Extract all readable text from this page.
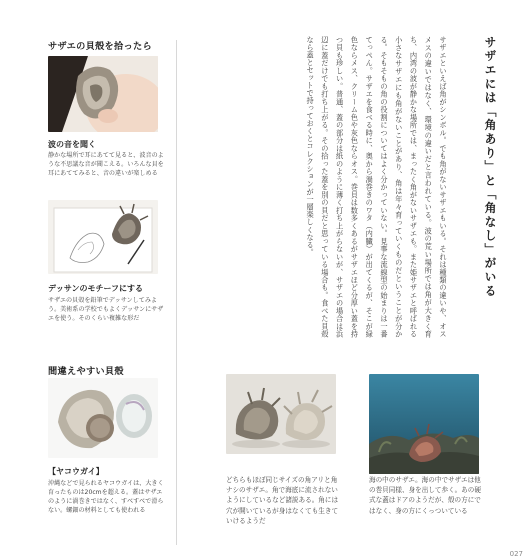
サザエの貝殻を拾ったら
波の音を聞く
静かな場所で耳にあてて見ると、波音のような不思議な音が聞こえる。いろんな貝を耳にあててみると、音の違いが楽しめる
デッサンのモチーフにする
サザエの貝殻を鉛筆でデッサンしてみよう。美術系の学校でもよくデッサンにサザエを使う。そのくらい複雑な形だ
間違えやすい貝殻
【ヤコウガイ】
沖縄などで見られるヤコウガイは、大きく育ったものは20cmを超える。蓋はサザエのように渦巻きではなく、すべすべで滑らない。螺鈿の材料としても使われる
サザエには「角あり」と「角なし」がいる
サザエといえば角がシンボル。でも角がないサザエもいる。それは種類の違いや、オスメスの違いではなく、環境の違いだと言われている。波の荒い場所では角が大きく育ち、内湾の波が静かな場所では、まったく角がないサザエも。また姫サザエと呼ばれる小さなサザエにも角がないことがあり、角は年々育っていくものだということが分かる。そもそもの角の役割についてはよく分かっていない。見事な流線型の始まりは一番てっぺん。サザエを食べる時に、奥から渦巻きのワタ（内臓）が出てくるが、そこが緑色ならメス、クリーム色や灰色ならオス。巻貝は数多くあるがサザエほど分厚い蓋を持つ貝も珍しい。普通、蓋の部分は紙のように薄く打ち上がらないが、サザエの場合は浜辺に蓋だけでも打ち上がる。その拾った蓋を別の貝だと思っている場合も。食べた貝殻なら蓋とセットで持っておくとコレクションが一層楽しくなる。
どちらもほぼ同じサイズの角アリと角ナシのサザエ。角で海底に流されないようにしているなど諸説ある。角には穴が開いているが身はなくても生きていけるようだ
海の中のサザエ。海の中でサザエは他の巻貝同様、身を出して歩く。あの硬式な蓋はドアのようだが、殻の方にではなく、身の方にくっついている
027
